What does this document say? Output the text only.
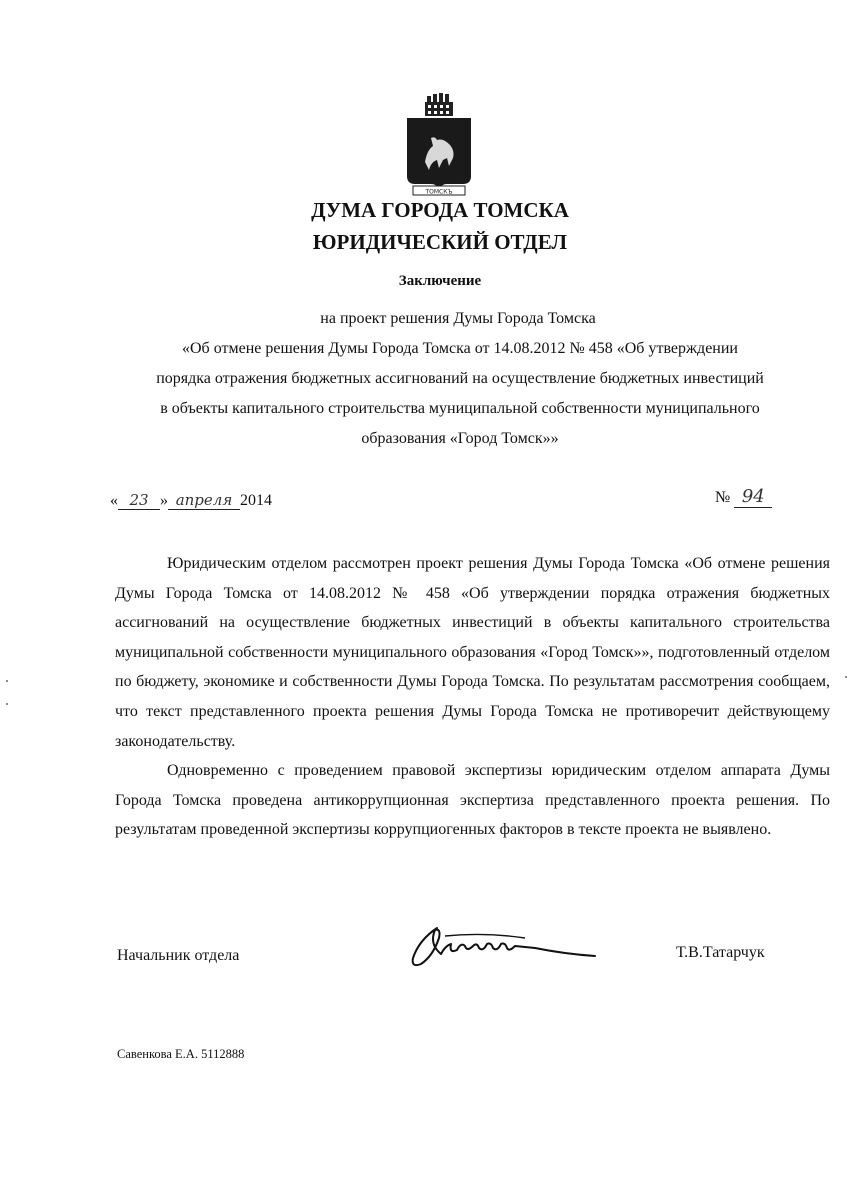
ТОМСКЪ
ДУМА ГОРОДА ТОМСКА
ЮРИДИЧЕСКИЙ ОТДЕЛ
Заключение
на проект решения Думы Города Томска
«Об отмене решения Думы Города Томска от 14.08.2012 № 458 «Об утверждении
порядка отражения бюджетных ассигнований на осуществление бюджетных инвестиций
в объекты капитального строительства муниципальной собственности муниципального
образования «Город Томск»»
« 23 » апреля 2014	№ 94

Юридическим отделом рассмотрен проект решения Думы Города Томска «Об отмене решения Думы Города Томска от 14.08.2012 № 458 «Об утверждении порядка отражения бюджетных ассигнований на осуществление бюджетных инвестиций в объекты капитального строительства муниципальной собственности муниципального образования «Город Томск»», подготовленный отделом по бюджету, экономике и собственности Думы Города Томска. По результатам рассмотрения сообщаем, что текст представленного проекта решения Думы Города Томска не противоречит действующему законодательству.

Одновременно с проведением правовой экспертизы юридическим отделом аппарата Думы Города Томска проведена антикоррупционная экспертиза представленного проекта решения. По результатам проведенной экспертизы коррупциогенных факторов в тексте проекта не выявлено.

Начальник отдела	Т.В.Татарчук
Савенкова Е.А. 5112888
